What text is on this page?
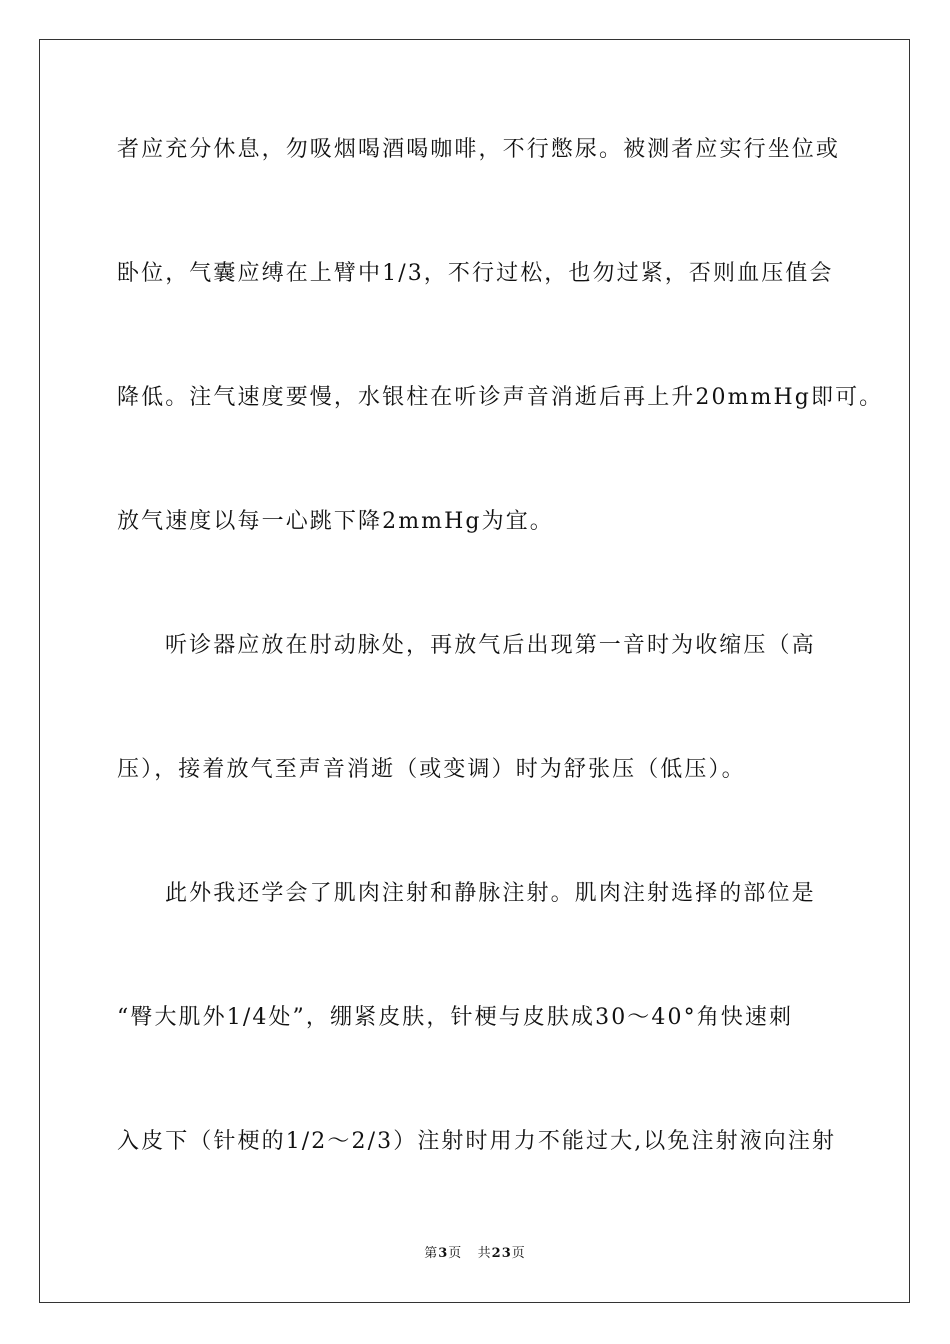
者应充分休息，勿吸烟喝酒喝咖啡，不行憋尿。被测者应实行坐位或
卧位，气囊应缚在上臂中1/3，不行过松，也勿过紧，否则血压值会
降低。注气速度要慢，水银柱在听诊声音消逝后再上升20mmHg即可。
放气速度以每一心跳下降2mmHg为宜。
听诊器应放在肘动脉处，再放气后出现第一音时为收缩压（高
压），接着放气至声音消逝（或变调）时为舒张压（低压）。
此外我还学会了肌肉注射和静脉注射。肌肉注射选择的部位是
“臀大肌外1/4处”，绷紧皮肤，针梗与皮肤成30～40°角快速刺
入皮下（针梗的1/2～2/3）注射时用力不能过大,以免注射液向注射
第3页   共23页
